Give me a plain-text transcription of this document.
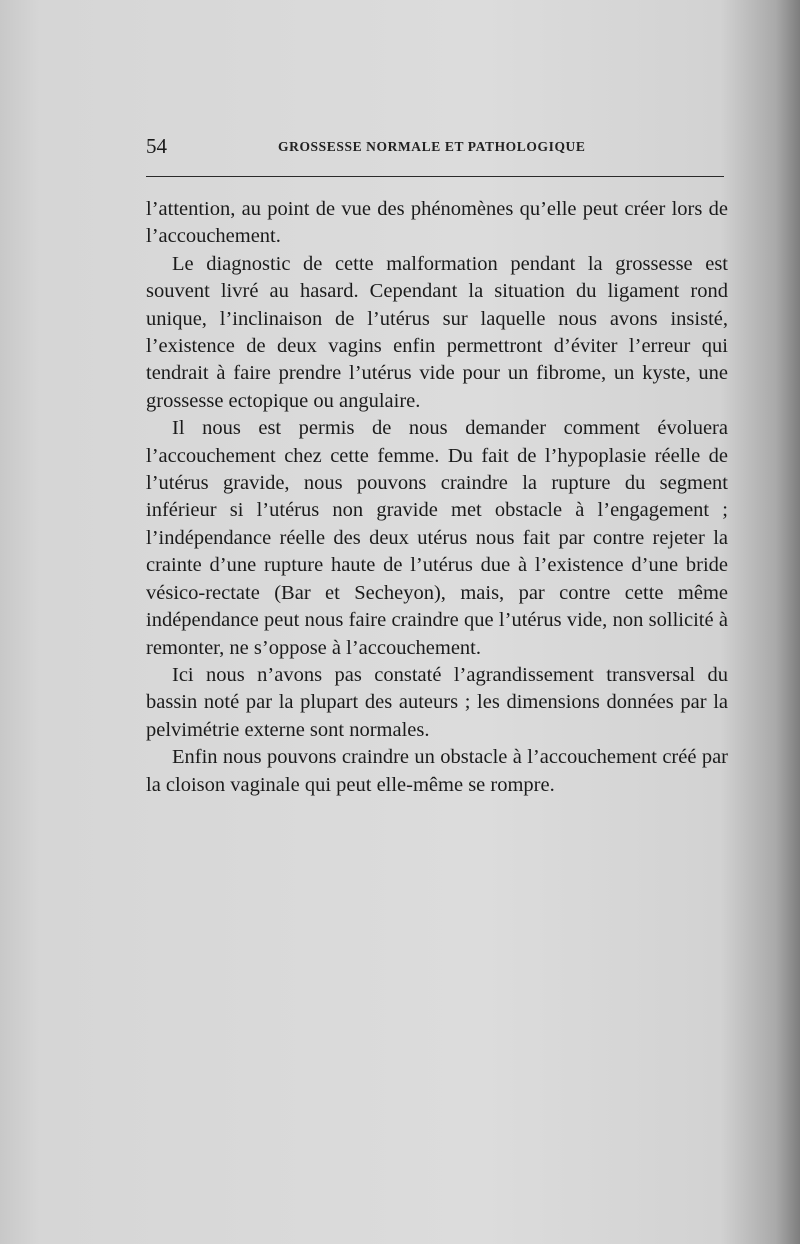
54	GROSSESSE NORMALE ET PATHOLOGIQUE

l’attention, au point de vue des phénomènes qu’elle peut créer lors de l’accouchement.

Le diagnostic de cette malformation pendant la grossesse est souvent livré au hasard. Cependant la situation du ligament rond unique, l’inclinaison de l’utérus sur laquelle nous avons insisté, l’existence de deux vagins enfin permettront d’éviter l’erreur qui tendrait à faire prendre l’utérus vide pour un fibrome, un kyste, une grossesse ectopique ou angulaire.

Il nous est permis de nous demander comment évoluera l’accouchement chez cette femme. Du fait de l’hypoplasie réelle de l’utérus gravide, nous pouvons craindre la rupture du segment inférieur si l’utérus non gravide met obstacle à l’engagement ; l’indépendance réelle des deux utérus nous fait par contre rejeter la crainte d’une rupture haute de l’utérus due à l’existence d’une bride vésico-rectate (Bar et Secheyon), mais, par contre cette même indépendance peut nous faire craindre que l’utérus vide, non sollicité à remonter, ne s’oppose à l’accouchement.

Ici nous n’avons pas constaté l’agrandissement transversal du bassin noté par la plupart des auteurs ; les dimensions données par la pelvimétrie externe sont normales.

Enfin nous pouvons craindre un obstacle à l’accouchement créé par la cloison vaginale qui peut elle-même se rompre.
